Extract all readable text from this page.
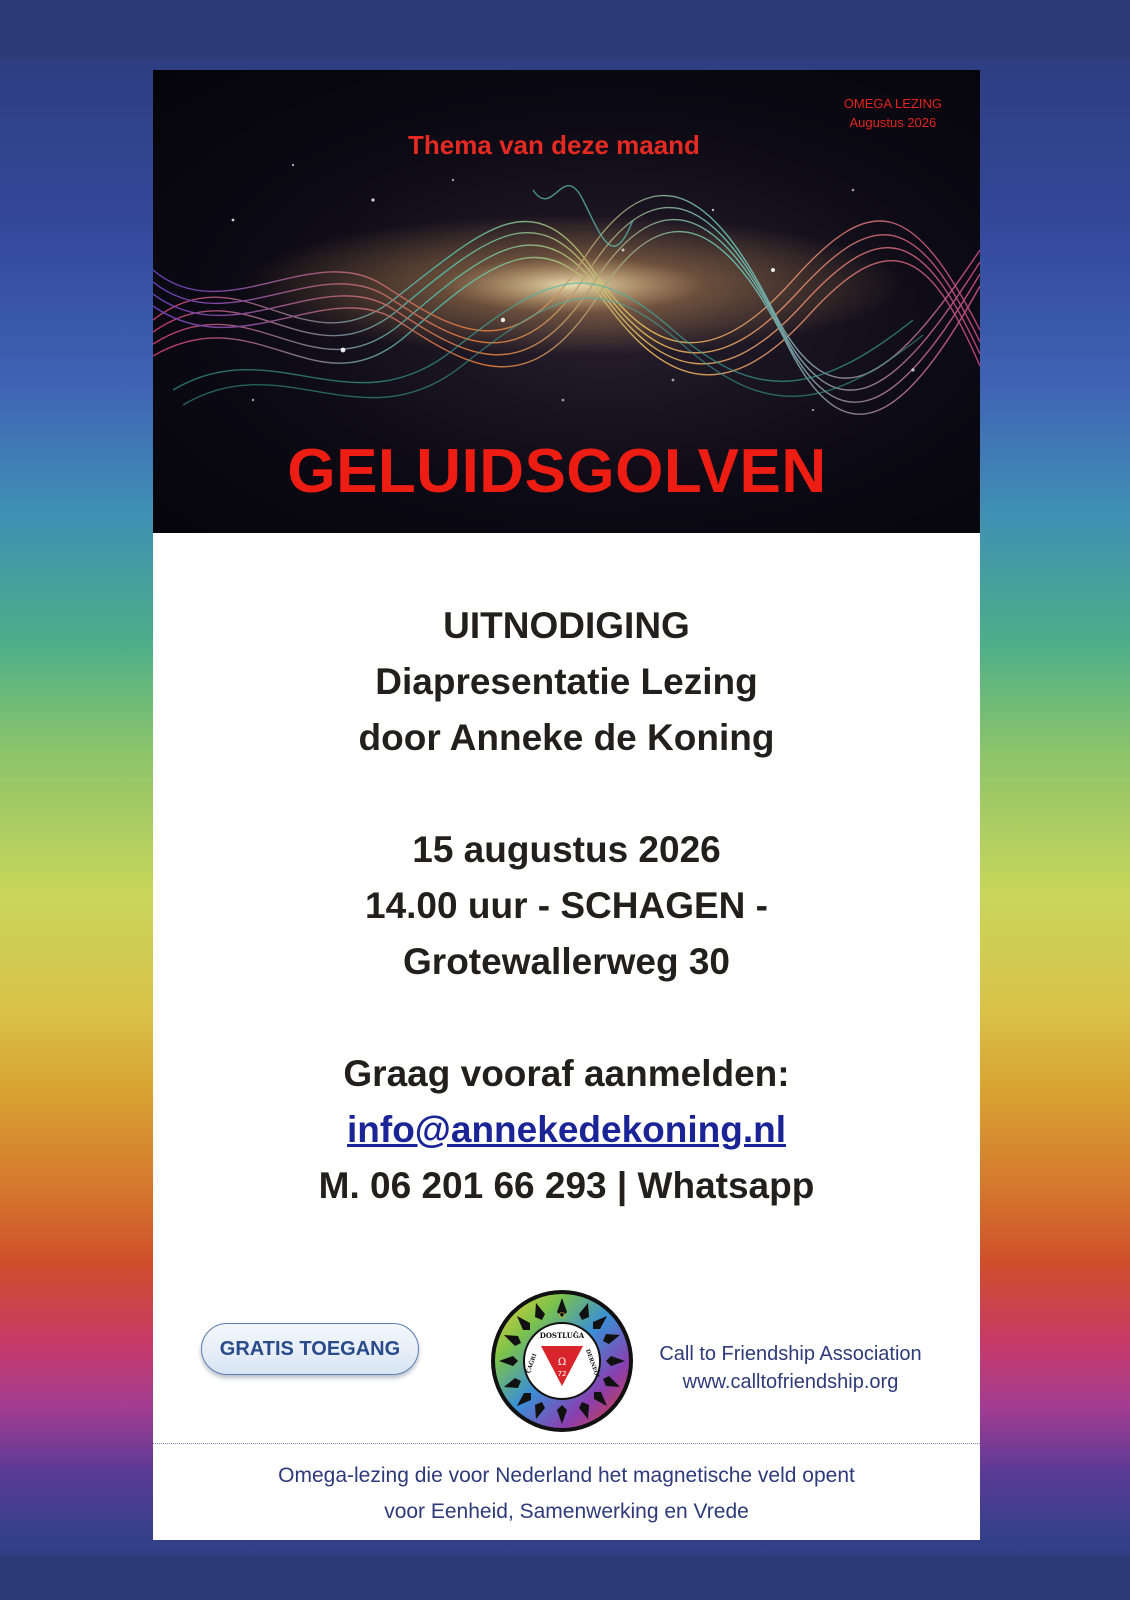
OMEGA LEZING
Augustus 2026
Thema van deze maand
GELUIDSGOLVEN
UITNODIGING
Diapresentatie Lezing
door Anneke de Koning
15 augustus 2026
14.00 uur - SCHAGEN -
Grotewallerweg 30
Graag vooraf aanmelden:
info@annekedekoning.nl
M. 06 201 66 293 | Whatsapp
GRATIS TOEGANG
Ω
72
DOSTLUĞA
ÇAĞRI	DERNEĞI
Ω
Call to Friendship Association
www.calltofriendship.org
Omega-lezing die voor Nederland het magnetische veld opent
voor Eenheid, Samenwerking en Vrede
